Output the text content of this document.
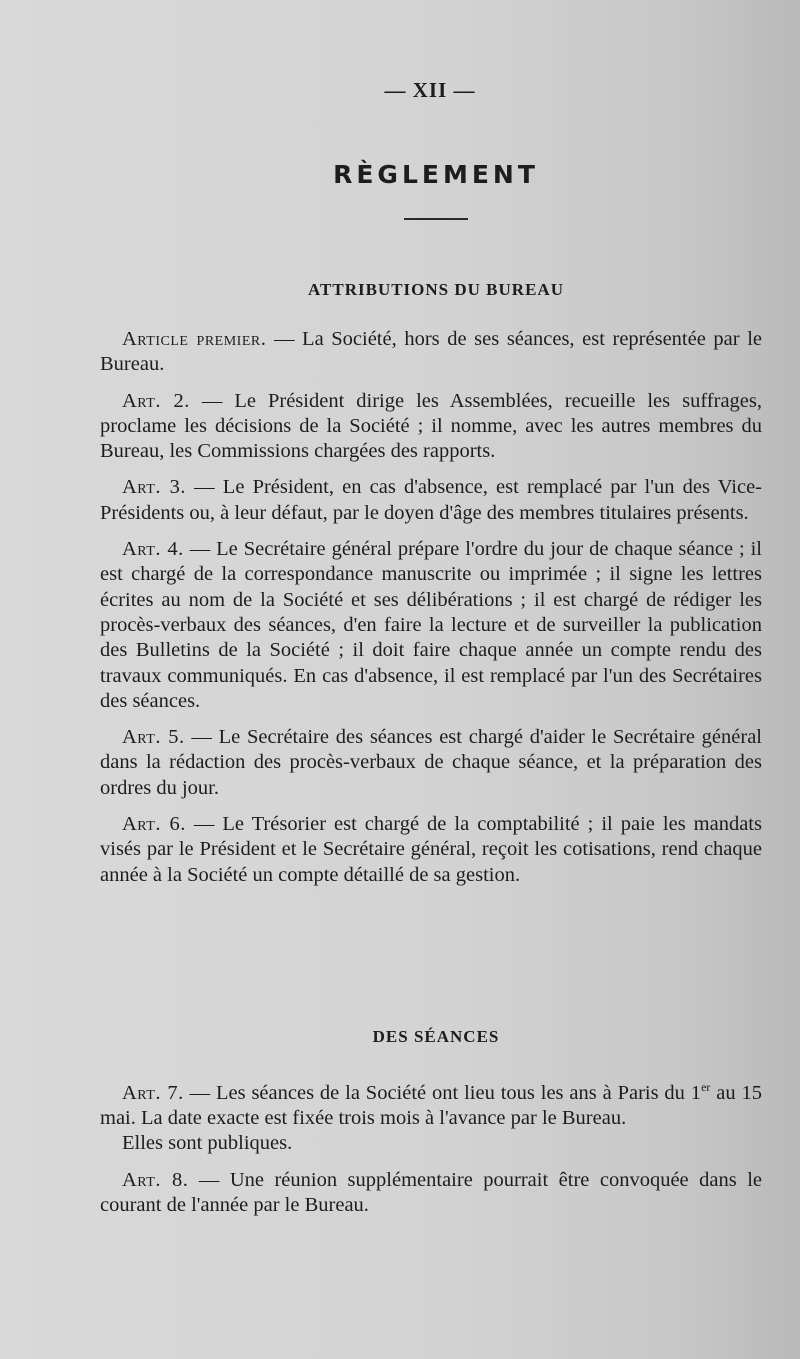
— XII —
RÈGLEMENT
ATTRIBUTIONS DU BUREAU

Article premier. — La Société, hors de ses séances, est représentée par le Bureau.

Art. 2. — Le Président dirige les Assemblées, recueille les suffrages, proclame les décisions de la Société ; il nomme, avec les autres membres du Bureau, les Commissions chargées des rapports.

Art. 3. — Le Président, en cas d'absence, est remplacé par l'un des Vice-Présidents ou, à leur défaut, par le doyen d'âge des membres titulaires présents.

Art. 4. — Le Secrétaire général prépare l'ordre du jour de chaque séance ; il est chargé de la correspondance manuscrite ou imprimée ; il signe les lettres écrites au nom de la Société et ses délibérations ; il est chargé de rédiger les procès-verbaux des séances, d'en faire la lecture et de surveiller la publication des Bulletins de la Société ; il doit faire chaque année un compte rendu des travaux communiqués. En cas d'absence, il est remplacé par l'un des Secrétaires des séances.

Art. 5. — Le Secrétaire des séances est chargé d'aider le Secrétaire général dans la rédaction des procès-verbaux de chaque séance, et la préparation des ordres du jour.

Art. 6. — Le Trésorier est chargé de la comptabilité ; il paie les mandats visés par le Président et le Secrétaire général, reçoit les cotisations, rend chaque année à la Société un compte détaillé de sa gestion.

DES SÉANCES

Art. 7. — Les séances de la Société ont lieu tous les ans à Paris du 1er au 15 mai. La date exacte est fixée trois mois à l'avance par le Bureau.

Elles sont publiques.

Art. 8. — Une réunion supplémentaire pourrait être convoquée dans le courant de l'année par le Bureau.
